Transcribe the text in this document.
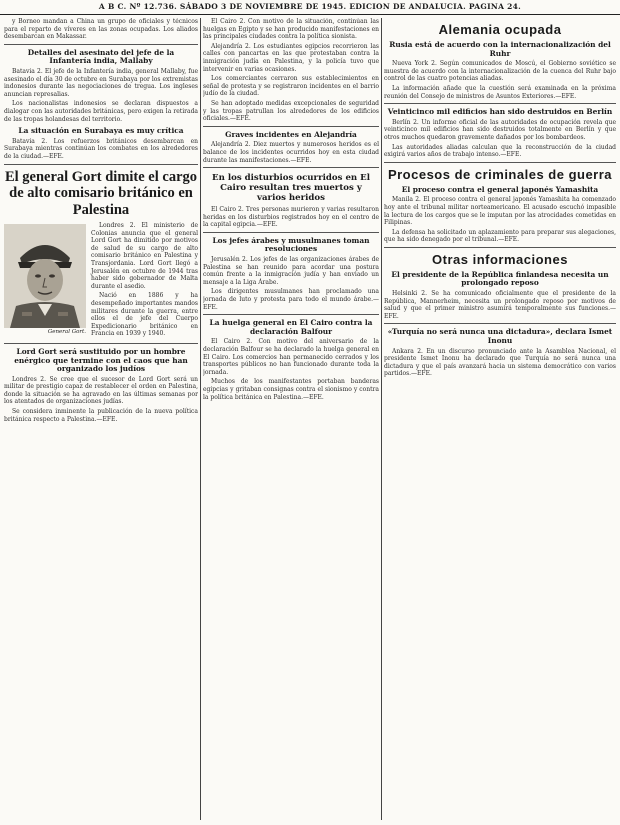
A B C. Nº 12.736. SÁBADO 3 DE NOVIEMBRE DE 1945. EDICION DE ANDALUCIA. PAGINA 24.

y Borneo mandan a China un grupo de oficiales y técnicos para el reparto de víveres en las zonas ocupadas. Los aliados desembarcan en Makassar.

Detalles del asesinato del jefe de la Infantería india, Mallaby

Batavia 2. El jefe de la Infantería india, general Mallaby, fue asesinado el día 30 de octubre en Surabaya por los extremistas indonesios durante las negociaciones de tregua. Los ingleses anuncian represalias.

Los nacionalistas indonesios se declaran dispuestos a dialogar con las autoridades británicas, pero exigen la retirada de las tropas holandesas del territorio.

La situación en Surabaya es muy crítica

Batavia 2. Los refuerzos británicos desembarcan en Surabaya mientras continúan los combates en los alrededores de la ciudad.—EFE.

El general Gort dimite el cargo de alto comisario británico en Palestina
General Gort.

Londres 2. El ministerio de Colonias anuncia que el general Lord Gort ha dimitido por motivos de salud de su cargo de alto comisario británico en Palestina y Transjordania. Lord Gort llegó a Jerusalén en octubre de 1944 tras haber sido gobernador de Malta durante el asedio.

Nació en 1886 y ha desempeñado importantes mandos militares durante la guerra, entre ellos el de jefe del Cuerpo Expedicionario británico en Francia en 1939 y 1940.

Lord Gort será sustituido por un hombre enérgico que termine con el caos que han organizado los judíos

Londres 2. Se cree que el sucesor de Lord Gort será un militar de prestigio capaz de restablecer el orden en Palestina, donde la situación se ha agravado en las últimas semanas por los atentados de organizaciones judías.

Se considera inminente la publicación de la nueva política británica respecto a Palestina.—EFE.

El Cairo 2. Con motivo de la situación, continúan las huelgas en Egipto y se han producido manifestaciones en las principales ciudades contra la política sionista.

Alejandría 2. Los estudiantes egipcios recorrieron las calles con pancartas en las que protestaban contra la inmigración judía en Palestina, y la policía tuvo que intervenir en varias ocasiones.

Los comerciantes cerraron sus establecimientos en señal de protesta y se registraron incidentes en el barrio judío de la ciudad.

Se han adoptado medidas excepcionales de seguridad y las tropas patrullan los alrededores de los edificios oficiales.—EFE.

Graves incidentes en Alejandría

Alejandría 2. Diez muertos y numerosos heridos es el balance de los incidentes ocurridos hoy en esta ciudad durante las manifestaciones.—EFE.

En los disturbios ocurridos en El Cairo resultan tres muertos y varios heridos

El Cairo 2. Tres personas murieron y varias resultaron heridas en los disturbios registrados hoy en el centro de la capital egipcia.—EFE.

Los jefes árabes y musulmanes toman resoluciones

Jerusalén 2. Los jefes de las organizaciones árabes de Palestina se han reunido para acordar una postura común frente a la inmigración judía y han enviado un mensaje a la Liga Árabe.

Los dirigentes musulmanes han proclamado una jornada de luto y protesta para todo el mundo árabe.—EFE.

La huelga general en El Cairo contra la declaración Balfour

El Cairo 2. Con motivo del aniversario de la declaración Balfour se ha declarado la huelga general en El Cairo. Los comercios han permanecido cerrados y los transportes públicos no han funcionado durante toda la jornada.

Muchos de los manifestantes portaban banderas egipcias y gritaban consignas contra el sionismo y contra la política británica en Palestina.—EFE.

Alemania ocupada
Rusia está de acuerdo con la internacionalización del Ruhr

Nueva York 2. Según comunicados de Moscú, el Gobierno soviético se muestra de acuerdo con la internacionalización de la cuenca del Ruhr bajo control de las cuatro potencias aliadas.

La información añade que la cuestión será examinada en la próxima reunión del Consejo de ministros de Asuntos Exteriores.—EFE.

Veinticinco mil edificios han sido destruidos en Berlín

Berlín 2. Un informe oficial de las autoridades de ocupación revela que veinticinco mil edificios han sido destruidos totalmente en Berlín y que otros muchos quedaron gravemente dañados por los bombardeos.

Las autoridades aliadas calculan que la reconstrucción de la ciudad exigirá varios años de trabajo intenso.—EFE.

Procesos de criminales de guerra
El proceso contra el general japonés Yamashita

Manila 2. El proceso contra el general japonés Yamashita ha comenzado hoy ante el tribunal militar norteamericano. El acusado escuchó impasible la lectura de los cargos que se le imputan por las atrocidades cometidas en Filipinas.

La defensa ha solicitado un aplazamiento para preparar sus alegaciones, que ha sido denegado por el tribunal.—EFE.

Otras informaciones
El presidente de la República finlandesa necesita un prolongado reposo

Helsinki 2. Se ha comunicado oficialmente que el presidente de la República, Mannerheim, necesita un prolongado reposo por motivos de salud y que el primer ministro asumirá temporalmente sus funciones.—EFE.

«Turquía no será nunca una dictadura», declara Ismet Inonu

Ankara 2. En un discurso pronunciado ante la Asamblea Nacional, el presidente Ismet Inonu ha declarado que Turquía no será nunca una dictadura y que el país avanzará hacia un sistema democrático con varios partidos.—EFE.
